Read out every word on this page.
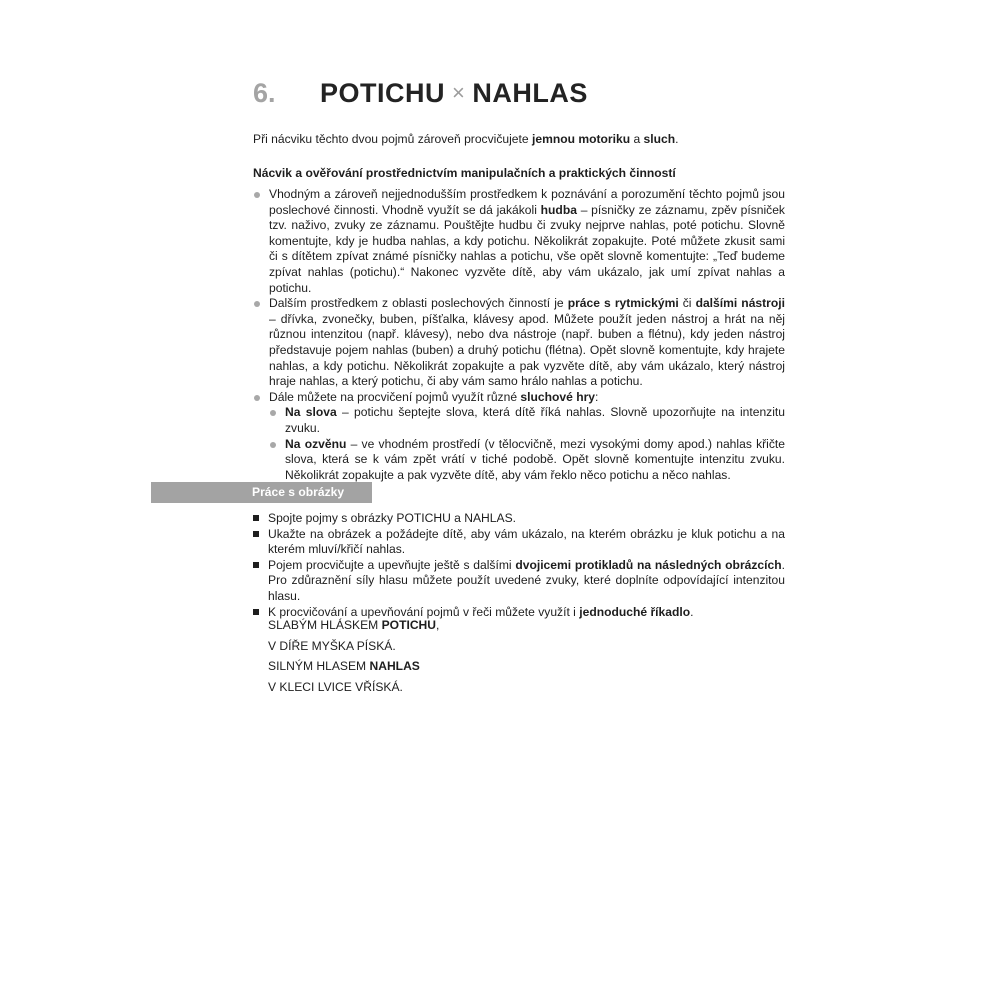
6.	POTICHU × NAHLAS
Při nácviku těchto dvou pojmů zároveň procvičujete jemnou motoriku a sluch.
Nácvik a ověřování prostřednictvím manipulačních a praktických činností
Vhodným a zároveň nejjednodušším prostředkem k poznávání a porozumění těchto pojmů jsou poslechové činnosti. Vhodně využít se dá jakákoli hudba – písničky ze záznamu, zpěv písniček tzv. naživo, zvuky ze záznamu. Pouštějte hudbu či zvuky nejprve nahlas, poté potichu. Slovně komentujte, kdy je hudba nahlas, a kdy potichu. Několikrát zopakujte. Poté můžete zkusit sami či s dítětem zpívat známé písničky nahlas a potichu, vše opět slovně komentujte: „Teď budeme zpívat nahlas (potichu).“ Nakonec vyzvěte dítě, aby vám ukázalo, jak umí zpívat nahlas a potichu.
Dalším prostředkem z oblasti poslechových činností je práce s rytmickými či dalšími nástroji – dřívka, zvonečky, buben, píšťalka, klávesy apod. Můžete použít jeden nástroj a hrát na něj různou intenzitou (např. klávesy), nebo dva nástroje (např. buben a flétnu), kdy jeden nástroj představuje pojem nahlas (buben) a druhý potichu (flétna). Opět slovně komentujte, kdy hrajete nahlas, a kdy potichu. Několikrát zopakujte a pak vyzvěte dítě, aby vám ukázalo, který nástroj hraje nahlas, a který potichu, či aby vám samo hrálo nahlas a potichu.
Dále můžete na procvičení pojmů využít různé sluchové hry:
Na slova – potichu šeptejte slova, která dítě říká nahlas. Slovně upozorňujte na intenzitu zvuku.
Na ozvěnu – ve vhodném prostředí (v tělocvičně, mezi vysokými domy apod.) nahlas křičte slova, která se k vám zpět vrátí v tiché podobě. Opět slovně komentujte intenzitu zvuku. Několikrát zopakujte a pak vyzvěte dítě, aby vám řeklo něco potichu a něco nahlas.
Práce s obrázky
Spojte pojmy s obrázky POTICHU a NAHLAS.
Ukažte na obrázek a požádejte dítě, aby vám ukázalo, na kterém obrázku je kluk potichu a na kterém mluví/křičí nahlas.
Pojem procvičujte a upevňujte ještě s dalšími dvojicemi protikladů na následných obrázcích. Pro zdůraznění síly hlasu můžete použít uvedené zvuky, které doplníte odpovídající intenzitou hlasu.
K procvičování a upevňování pojmů v řeči můžete využít i jednoduché říkadlo.
SLABÝM HLÁSKEM POTICHU,
V DÍŘE MYŠKA PÍSKÁ.
SILNÝM HLASEM NAHLAS
V KLECI LVICE VŘÍSKÁ.
